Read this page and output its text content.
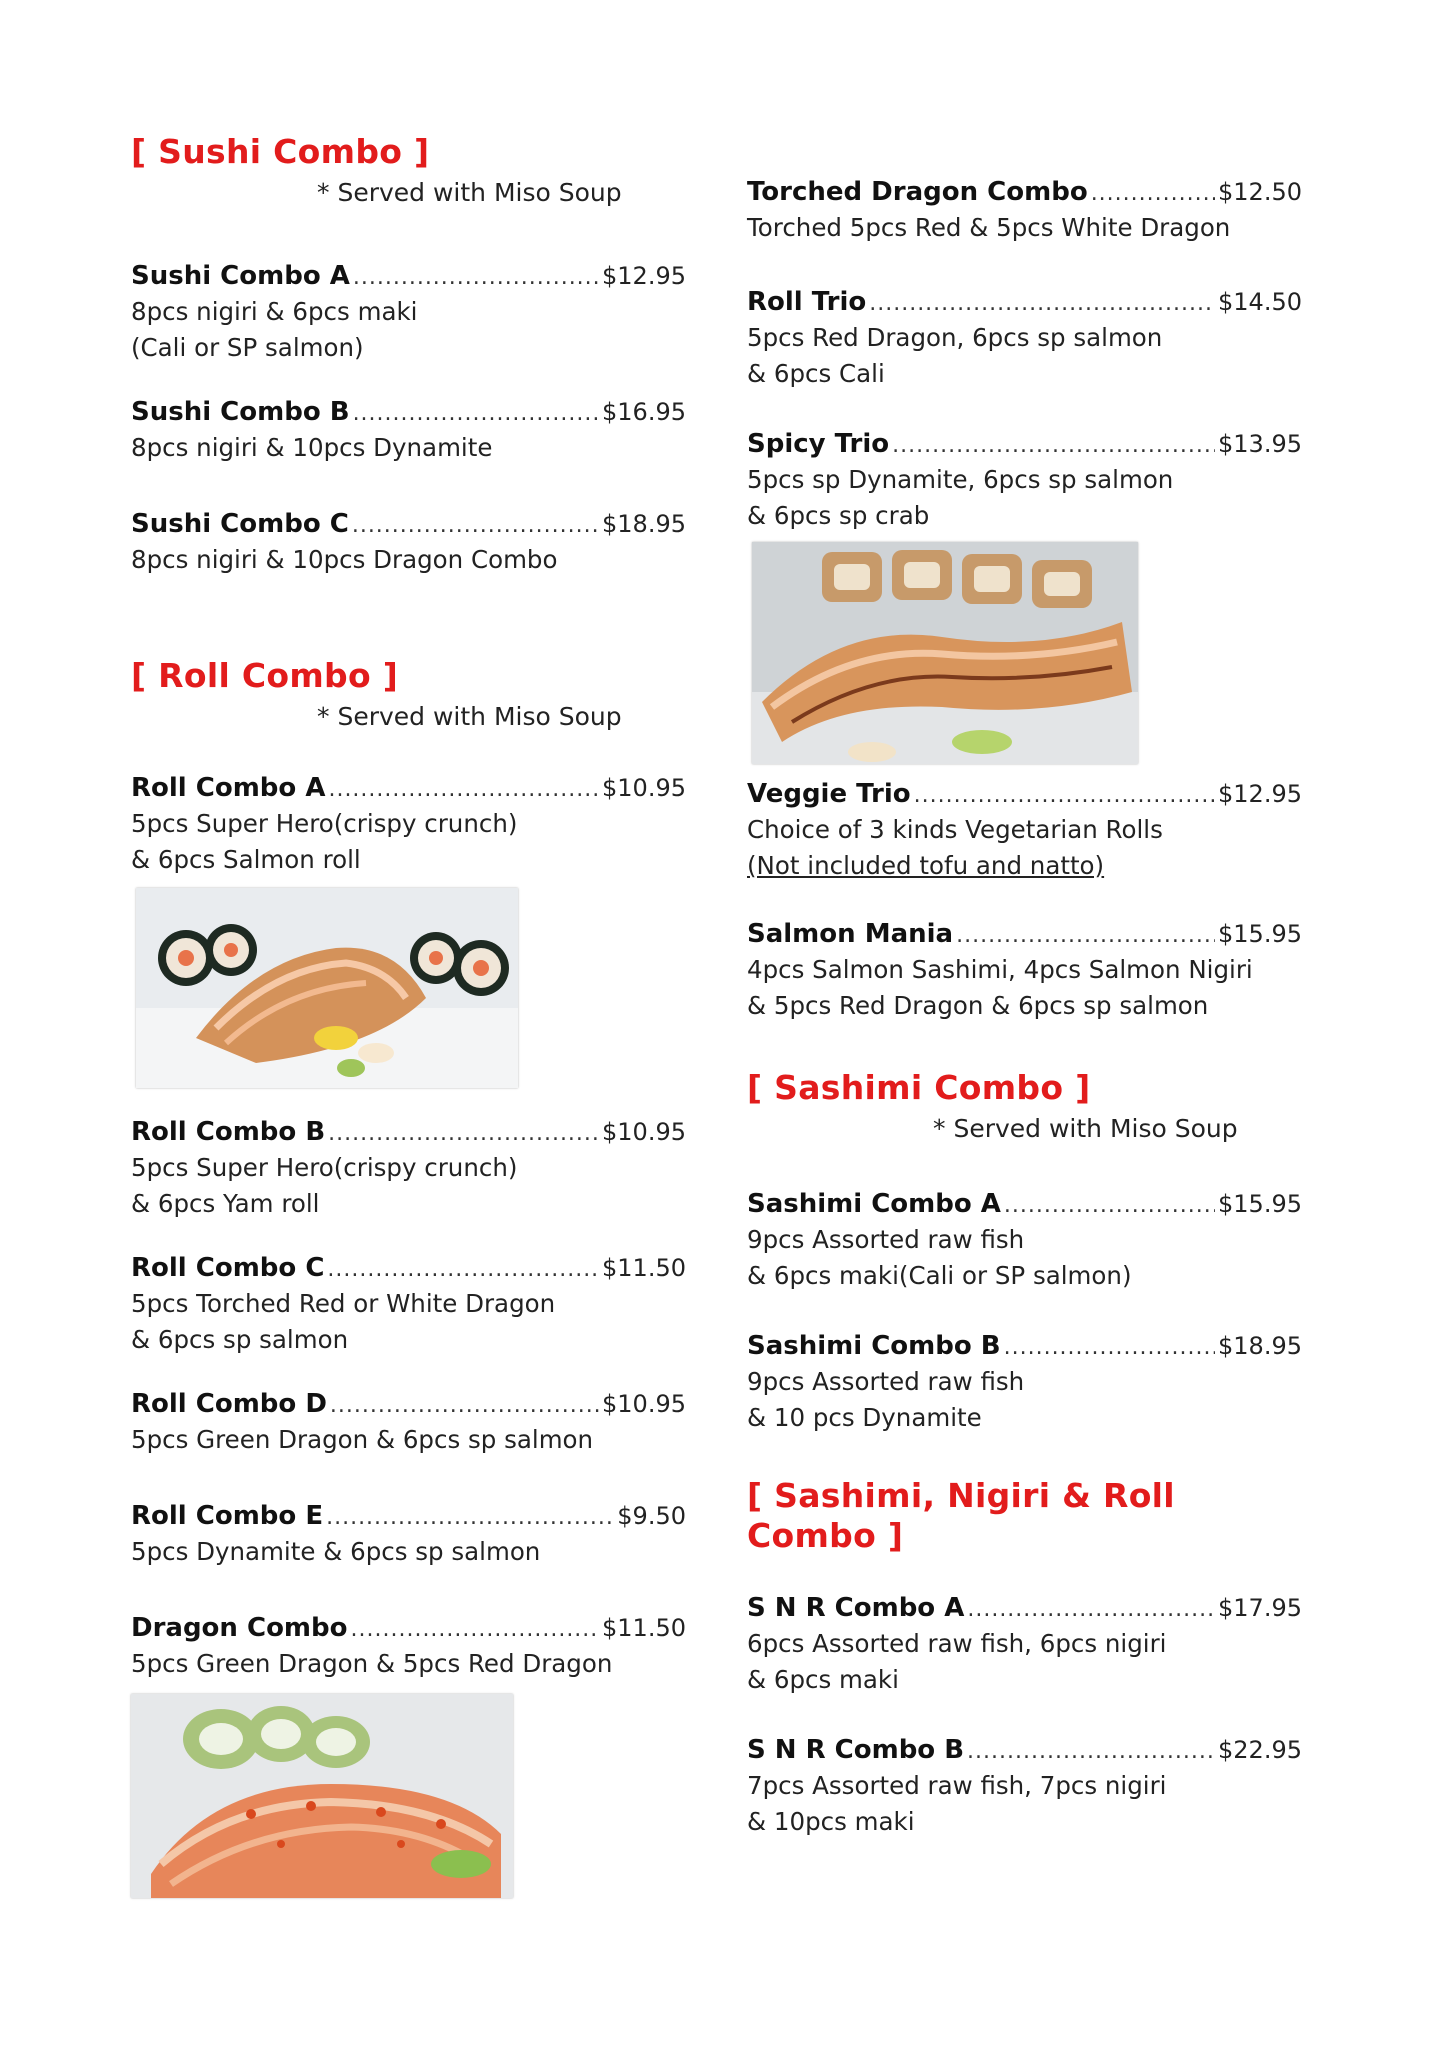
[ Sushi Combo ]

* Served with Miso Soup

Sushi Combo A .....	$12.95

8pcs nigiri & 6pcs maki

(Cali or SP salmon)

Sushi Combo B .....	$16.95

8pcs nigiri & 10pcs Dynamite

Sushi Combo C .....	$18.95

8pcs nigiri & 10pcs Dragon Combo

[ Roll Combo ]

* Served with Miso Soup

Roll Combo A .....	$10.95

5pcs Super Hero(crispy crunch)

& 6pcs Salmon roll

Roll Combo B .....	$10.95

5pcs Super Hero(crispy crunch)

& 6pcs Yam roll

Roll Combo C .....	$11.50

5pcs Torched Red or White Dragon

& 6pcs sp salmon

Roll Combo D .....	$10.95

5pcs Green Dragon & 6pcs sp salmon

Roll Combo E .....	$9.50

5pcs Dynamite & 6pcs sp salmon

Dragon Combo .....	$11.50

5pcs Green Dragon & 5pcs Red Dragon

Torched Dragon Combo .....	$12.50

Torched 5pcs Red & 5pcs White Dragon

Roll Trio .....	$14.50

5pcs Red Dragon, 6pcs sp salmon

& 6pcs Cali

Spicy Trio .....	$13.95

5pcs sp Dynamite, 6pcs sp salmon

& 6pcs sp crab

Veggie Trio .....	$12.95

Choice of 3 kinds Vegetarian Rolls

(Not included tofu and natto)

Salmon Mania .....	$15.95

4pcs Salmon Sashimi, 4pcs Salmon Nigiri

& 5pcs Red Dragon & 6pcs sp salmon

[ Sashimi Combo ]

* Served with Miso Soup

Sashimi Combo A .....	$15.95

9pcs Assorted raw fish

& 6pcs maki(Cali or SP salmon)

Sashimi Combo B .....	$18.95

9pcs Assorted raw fish

& 10 pcs Dynamite

[ Sashimi, Nigiri & Roll Combo ]
S N R Combo A .....	$17.95

6pcs Assorted raw fish, 6pcs nigiri

& 6pcs maki

S N R Combo B .....	$22.95

7pcs Assorted raw fish, 7pcs nigiri

& 10pcs maki
